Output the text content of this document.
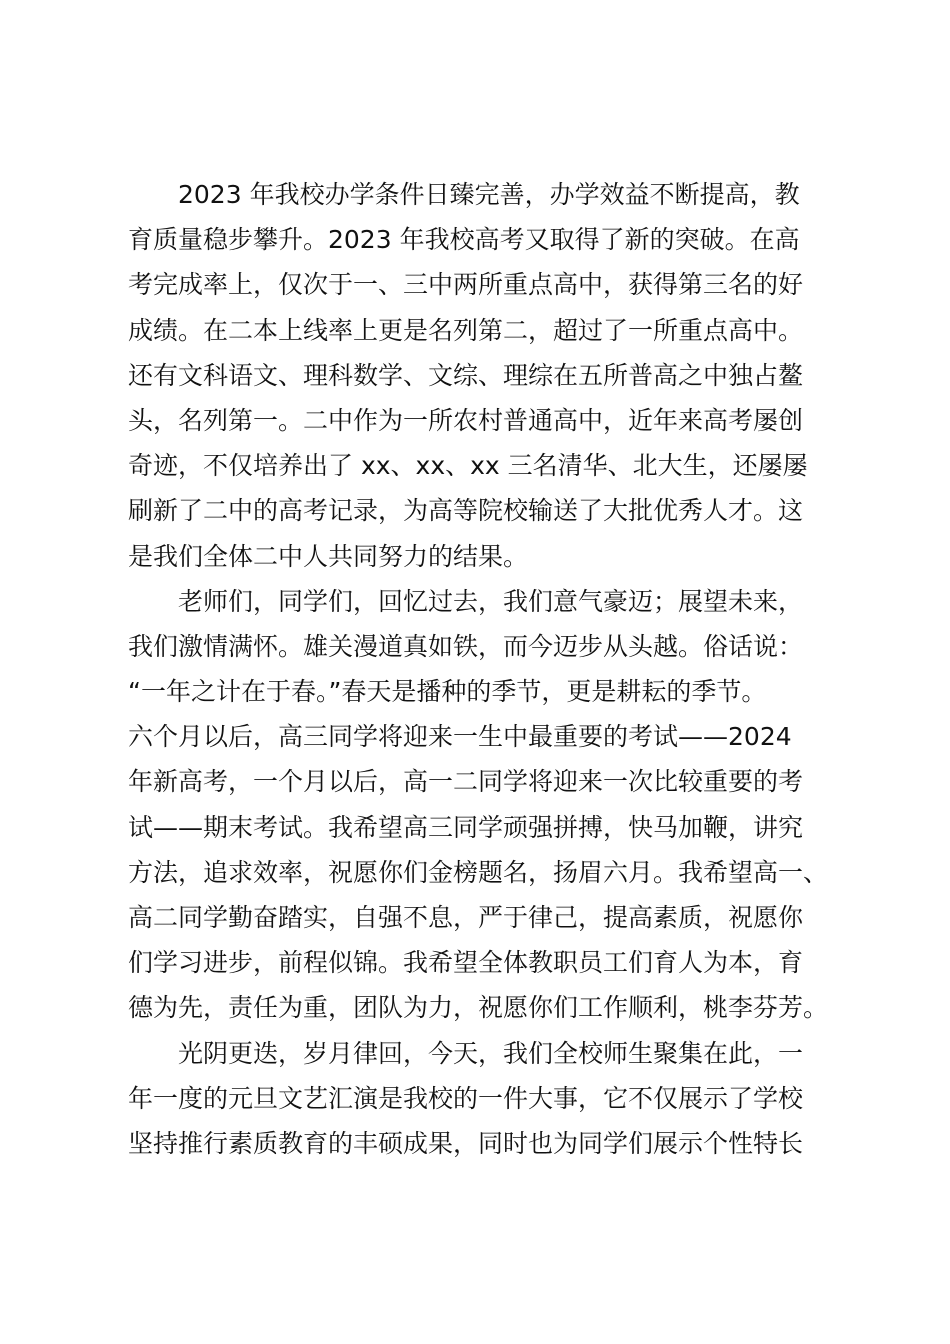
　　2023 年我校办学条件日臻完善，办学效益不断提高，教
育质量稳步攀升。2023 年我校高考又取得了新的突破。在高
考完成率上，仅次于一、三中两所重点高中，获得第三名的好
成绩。在二本上线率上更是名列第二，超过了一所重点高中。
还有文科语文、理科数学、文综、理综在五所普高之中独占鳌
头，名列第一。二中作为一所农村普通高中，近年来高考屡创
奇迹，不仅培养出了 xx、xx、xx 三名清华、北大生，还屡屡
刷新了二中的高考记录，为高等院校输送了大批优秀人才。这
是我们全体二中人共同努力的结果。
　　老师们，同学们，回忆过去，我们意气豪迈；展望未来，
我们激情满怀。雄关漫道真如铁，而今迈步从头越。俗话说：
“一年之计在于春。”春天是播种的季节，更是耕耘的季节。
六个月以后，高三同学将迎来一生中最重要的考试——2024
年新高考，一个月以后，高一二同学将迎来一次比较重要的考
试——期末考试。我希望高三同学顽强拼搏，快马加鞭，讲究
方法，追求效率，祝愿你们金榜题名，扬眉六月。我希望高一、
高二同学勤奋踏实，自强不息，严于律己，提高素质，祝愿你
们学习进步，前程似锦。我希望全体教职员工们育人为本，育
德为先，责任为重，团队为力，祝愿你们工作顺利，桃李芬芳。
　　光阴更迭，岁月律回，今天，我们全校师生聚集在此，一
年一度的元旦文艺汇演是我校的一件大事，它不仅展示了学校
坚持推行素质教育的丰硕成果，同时也为同学们展示个性特长
